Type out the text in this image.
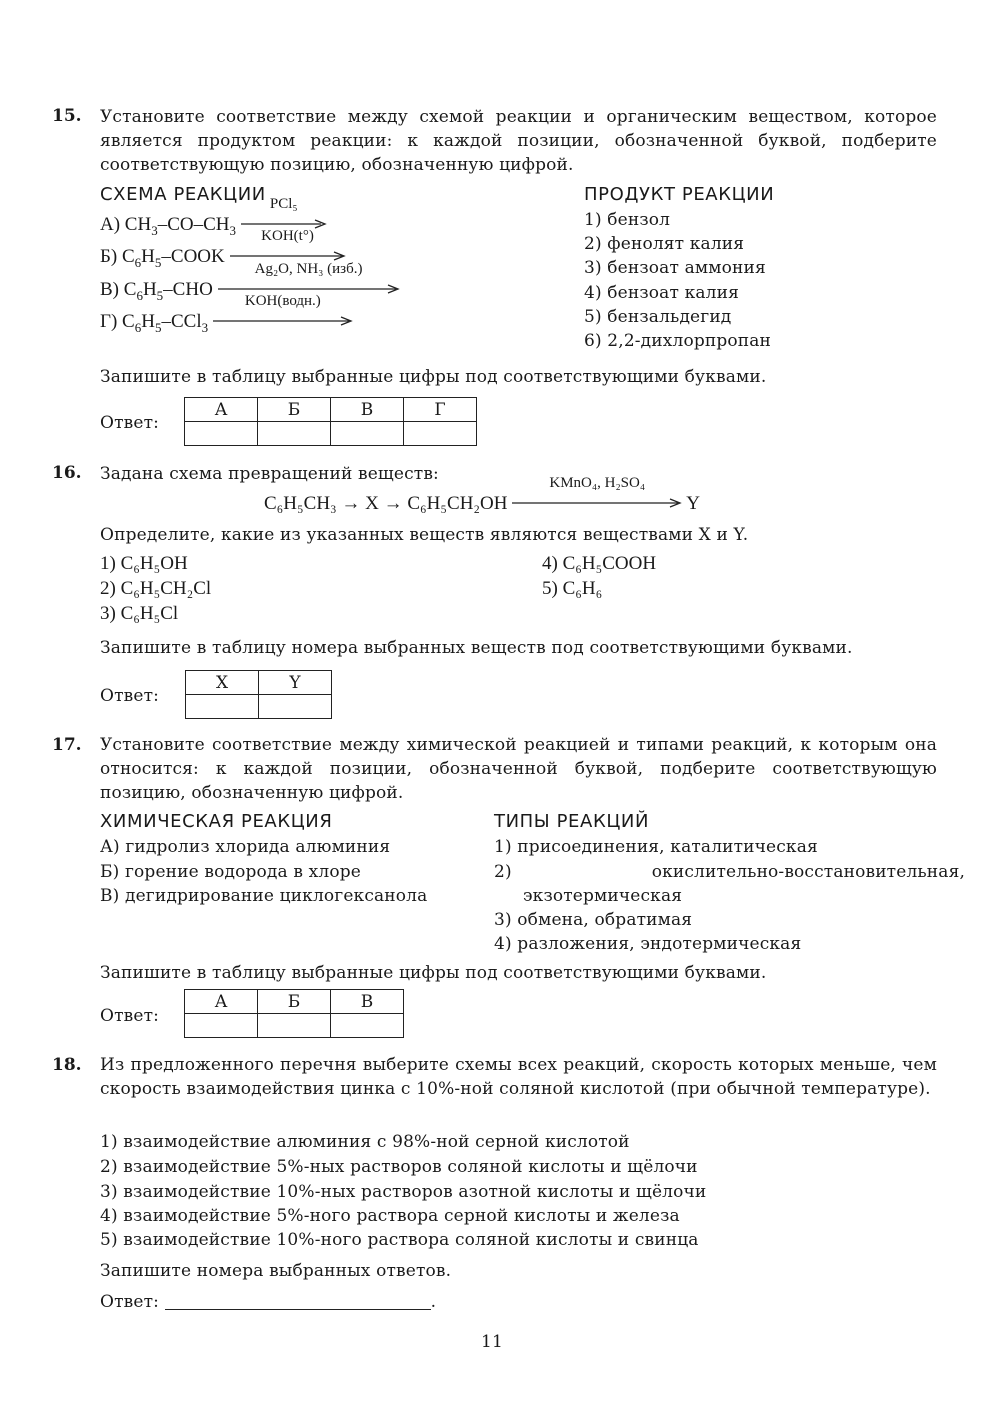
15. Установите соответствие между схемой реакции и органическим веществом, которое является продуктом реакции: к каждой позиции, обозначенной буквой, подберите соответствующую позицию, обозначенную цифрой.
СХЕМА РЕАКЦИИ	ПРОДУКТ РЕАКЦИИ
А) $CH_3-CO-CH_3$
PCl₅
Б) $C_6H_5$–COOK
KOH(t°)
В) $C_6H_5$–CHO
Ag₂O, NH₃ (изб.)
Г) $C_6H_5-CCl_3$
KOH(водн.)
1) бензол
2) фенолят калия
3) бензоат аммония
4) бензоат калия
5) бензальдегид
6) 2,2-дихлорпропан
Запишите в таблицу выбранные цифры под соответствующими буквами.
Ответ:
А	Б	В	Г

16. Задана схема превращений веществ:
C₆H₅CH₃ → X → C₆H₅CH₂OH
KMnO₄, H₂SO₄
Y
Определите, какие из указанных веществ являются веществами X и Y.
1) C₆H₅OH
2) C₆H₅CH₂Cl
3) C₆H₅Cl
4) C₆H₅COOH
5) C₆H₆
Запишите в таблицу номера выбранных веществ под соответствующими буквами.
Ответ:
X	Y

17. Установите соответствие между химической реакцией и типами реакций, к которым она относится: к каждой позиции, обозначенной буквой, подберите соответствующую позицию, обозначенную цифрой.
ХИМИЧЕСКАЯ РЕАКЦИЯ	ТИПЫ РЕАКЦИЙ
А) гидролиз хлорида алюминия
Б) горение водорода в хлоре
В) дегидрирование циклогексанола
1) присоединения, каталитическая
2) окислительно-восстановительная, экзотермическая
3) обмена, обратимая
4) разложения, эндотермическая
Запишите в таблицу выбранные цифры под соответствующими буквами.
Ответ:
А	Б	В

18. Из предложенного перечня выберите схемы всех реакций, скорость которых меньше, чем скорость взаимодействия цинка с 10%-ной соляной кислотой (при обычной температуре).
1) взаимодействие алюминия с 98%-ной серной кислотой
2) взаимодействие 5%-ных растворов соляной кислоты и щёлочи
3) взаимодействие 10%-ных растворов азотной кислоты и щёлочи
4) взаимодействие 5%-ного раствора серной кислоты и железа
5) взаимодействие 10%-ного раствора соляной кислоты и свинца
Запишите номера выбранных ответов.
Ответ:	.
11
